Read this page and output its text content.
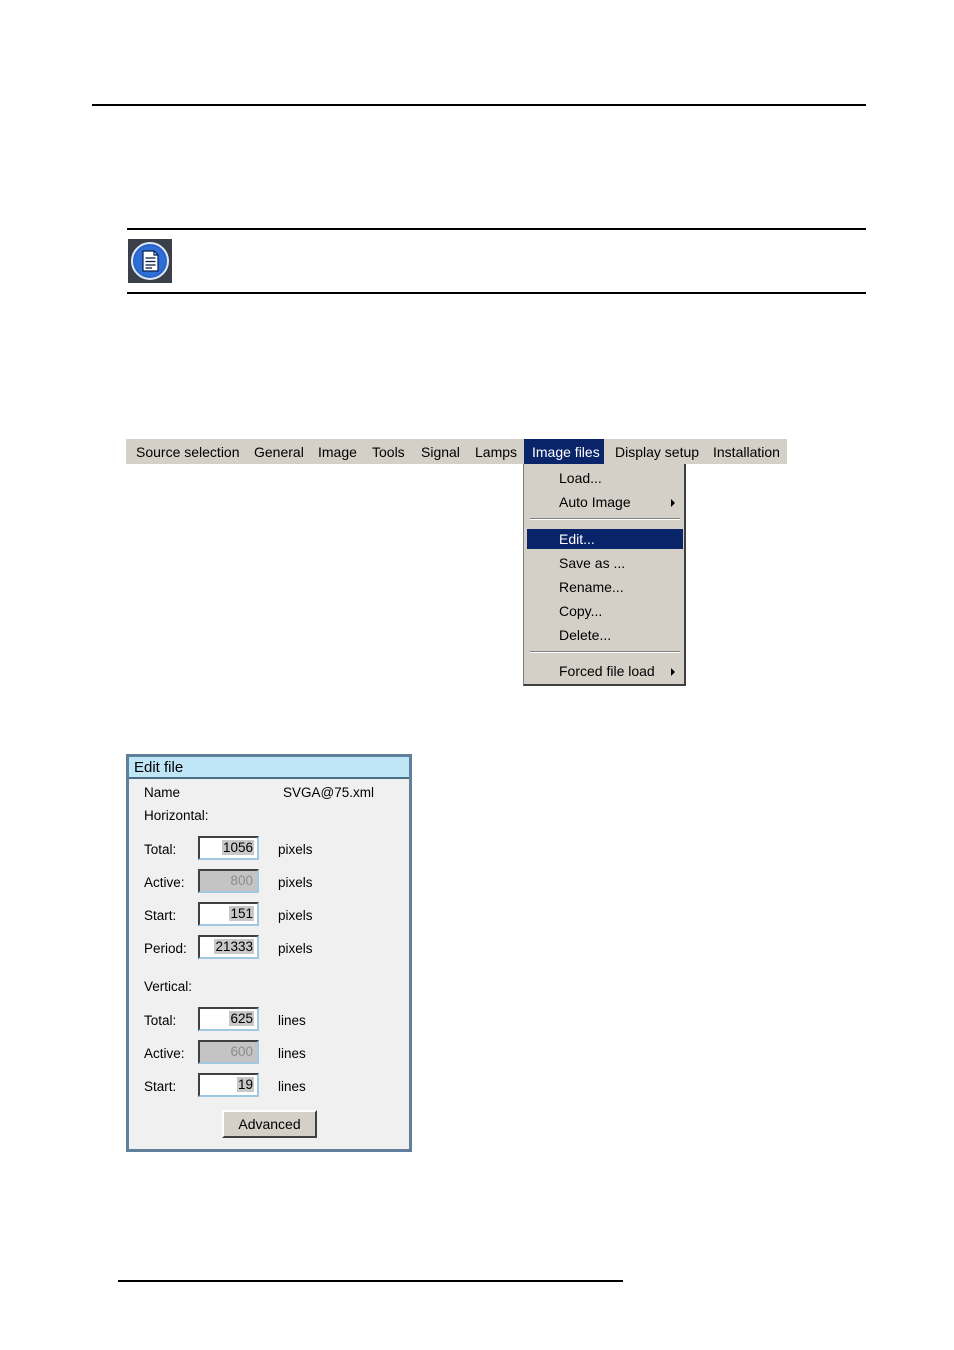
Source selection	General	Image	Tools	Signal	Lamps	Image files	Display setup Installation
Load...
Auto Image
Edit...
Save as ...
Rename...
Copy...
Delete...
Forced file load
Edit file
Name	SVGA@75.xml
Horizontal:
Total:	1056	pixels
Active:	800	pixels
Start:	151	pixels
Period:	21333	pixels
Vertical:
Total:	625	lines
Active:	600	lines
Start:	19	lines
Advanced
